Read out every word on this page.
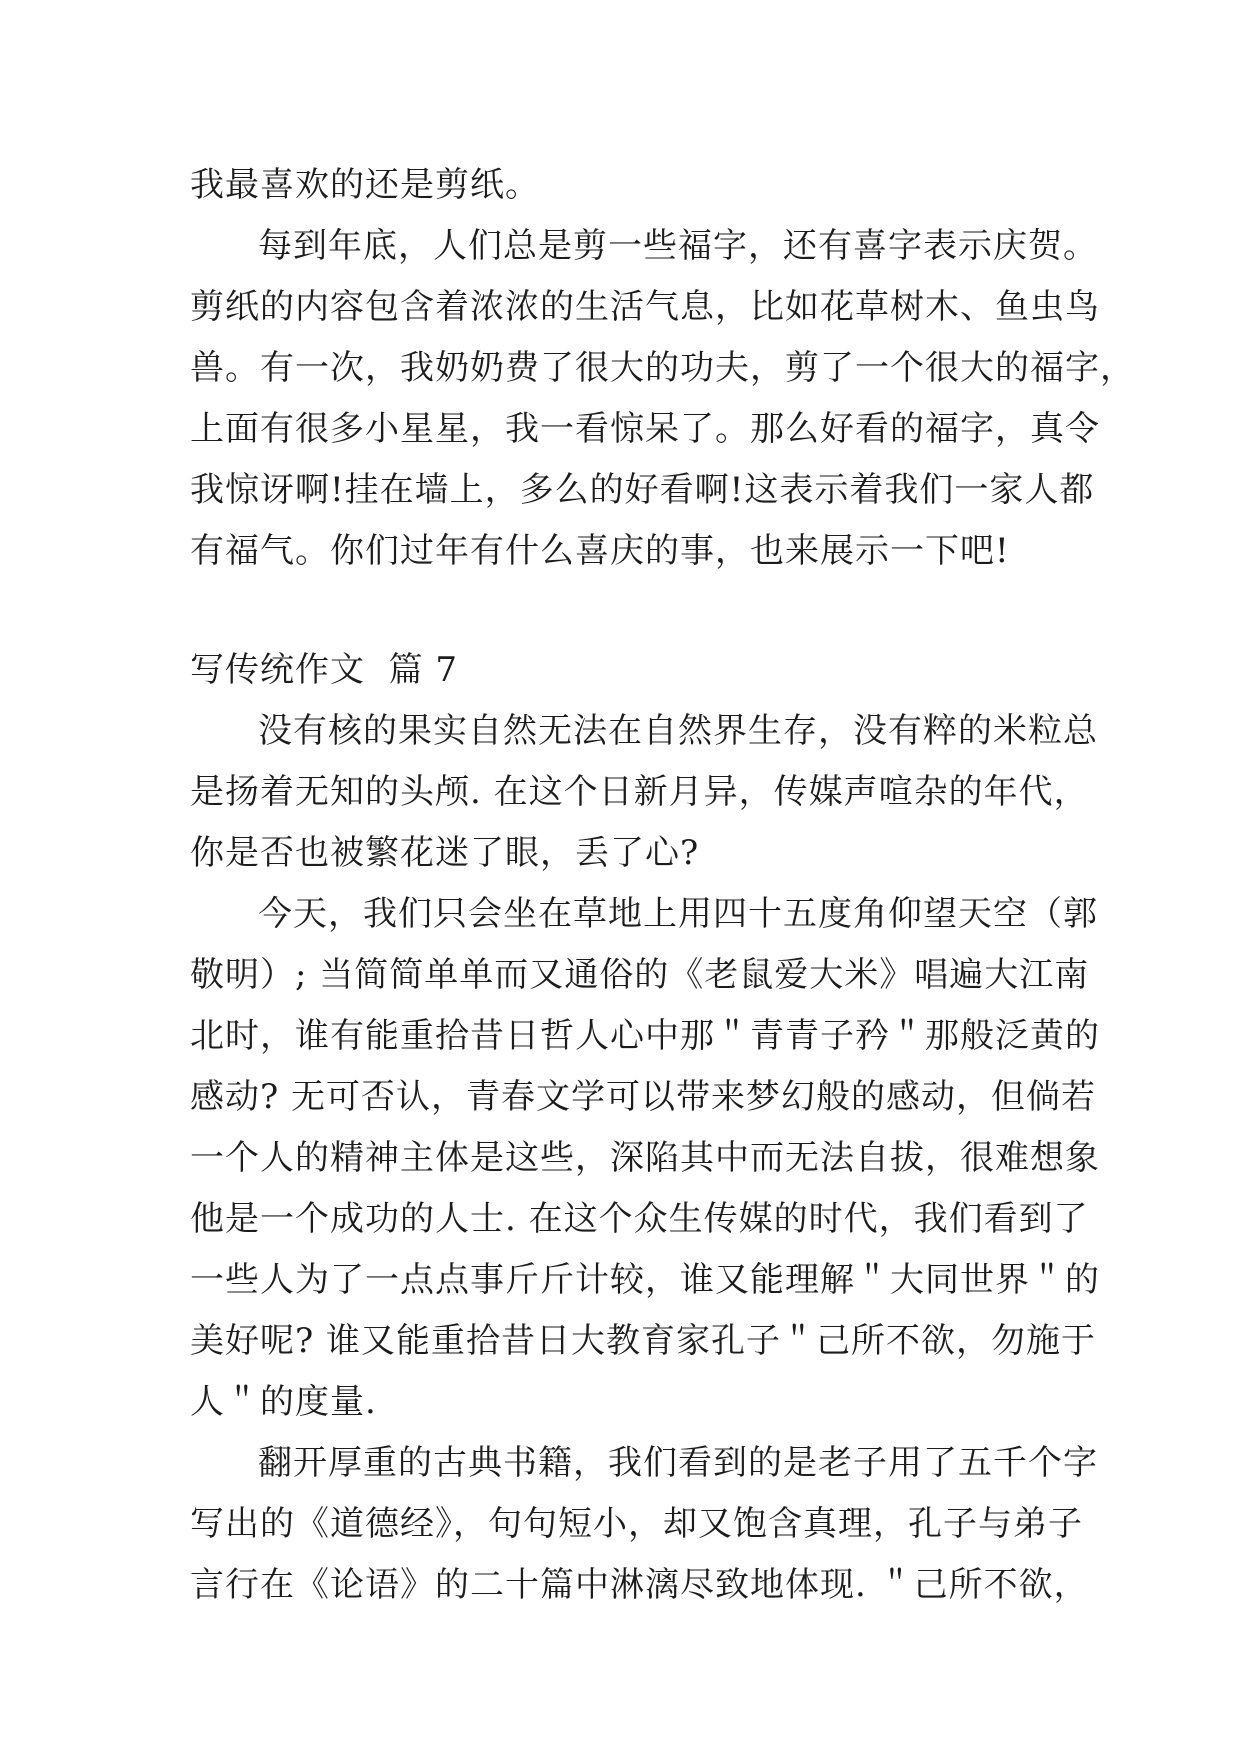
我最喜欢的还是剪纸。
每到年底，人们总是剪一些福字，还有喜字表示庆贺。
剪纸的内容包含着浓浓的生活气息，比如花草树木、鱼虫鸟
兽。有一次，我奶奶费了很大的功夫，剪了一个很大的福字，
上面有很多小星星，我一看惊呆了。那么好看的福字，真令
我惊讶啊!挂在墙上，多么的好看啊!这表示着我们一家人都
有福气。你们过年有什么喜庆的事，也来展示一下吧!
写传统作文  篇 7
没有核的果实自然无法在自然界生存，没有粹的米粒总
是扬着无知的头颅. 在这个日新月异，传媒声喧杂的年代，
你是否也被繁花迷了眼，丢了心?
今天，我们只会坐在草地上用四十五度角仰望天空（郭
敬明）; 当简简单单而又通俗的《老鼠爱大米》唱遍大江南
北时，谁有能重拾昔日哲人心中那＂青青子矜＂那般泛黄的
感动? 无可否认，青春文学可以带来梦幻般的感动，但倘若
一个人的精神主体是这些，深陷其中而无法自拔，很难想象
他是一个成功的人士. 在这个众生传媒的时代，我们看到了
一些人为了一点点事斤斤计较，谁又能理解＂大同世界＂的
美好呢? 谁又能重拾昔日大教育家孔子＂己所不欲，勿施于
人＂的度量.
翻开厚重的古典书籍，我们看到的是老子用了五千个字
写出的《道德经》，句句短小，却又饱含真理，孔子与弟子
言行在《论语》的二十篇中淋漓尽致地体现. ＂己所不欲，
